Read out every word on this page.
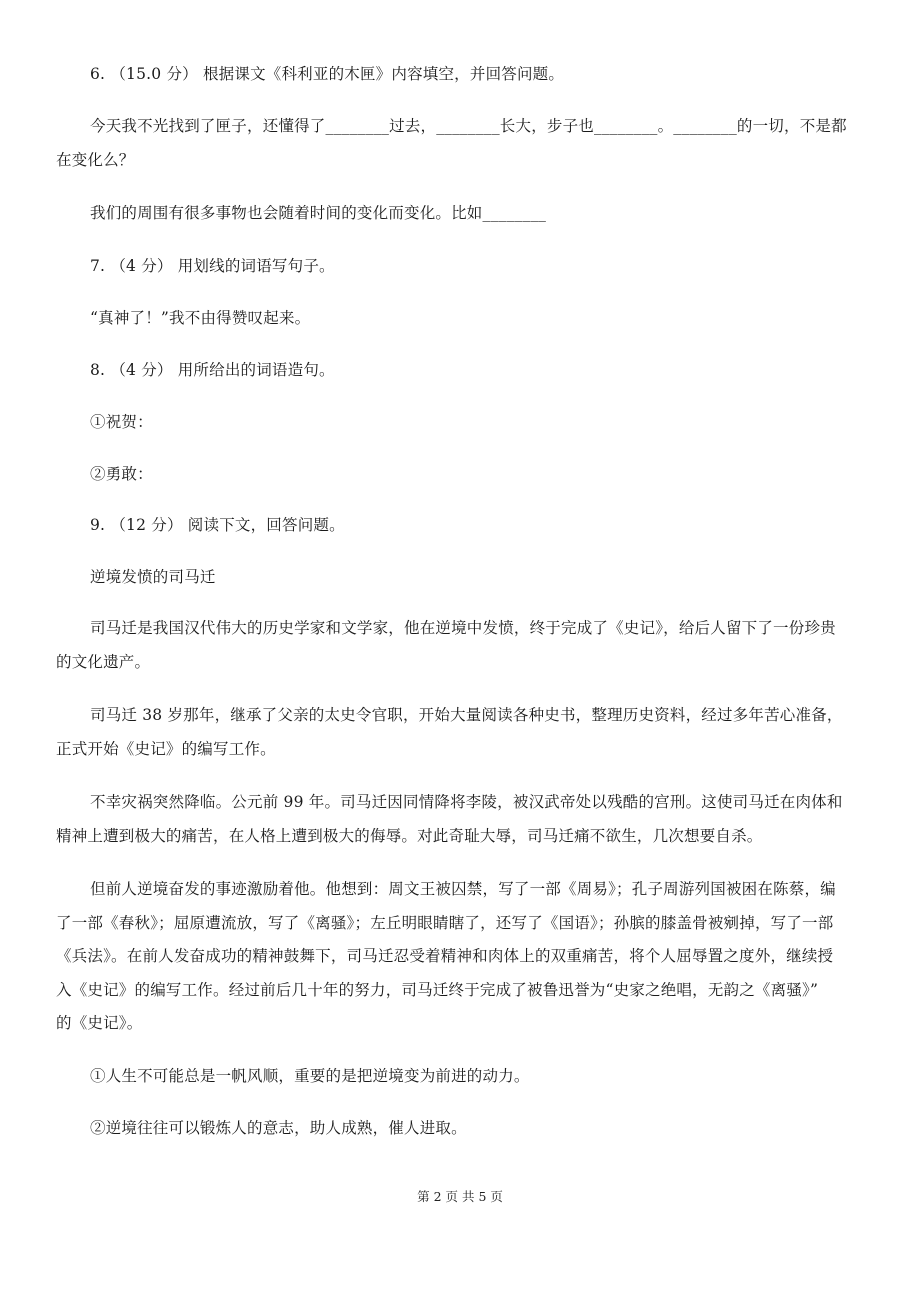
6. （15.0 分） 根据课文《科利亚的木匣》内容填空，并回答问题。
今天我不光找到了匣子，还懂得了________过去，________长大，步子也________。________的一切，不是都
在变化么？
我们的周围有很多事物也会随着时间的变化而变化。比如________
7. （4 分） 用划线的词语写句子。
“真神了！”我不由得赞叹起来。
8. （4 分） 用所给出的词语造句。
①祝贺：
②勇敢：
9. （12 分） 阅读下文，回答问题。
逆境发愤的司马迁
司马迁是我国汉代伟大的历史学家和文学家，他在逆境中发愤，终于完成了《史记》，给后人留下了一份珍贵
的文化遗产。
司马迁 38 岁那年，继承了父亲的太史令官职，开始大量阅读各种史书，整理历史资料，经过多年苦心准备，
正式开始《史记》的编写工作。
不幸灾祸突然降临。公元前 99 年。司马迁因同情降将李陵，被汉武帝处以残酷的宫刑。这使司马迁在肉体和
精神上遭到极大的痛苦，在人格上遭到极大的侮辱。对此奇耻大辱，司马迁痛不欲生，几次想要自杀。
但前人逆境奋发的事迹激励着他。他想到：周文王被囚禁，写了一部《周易》；孔子周游列国被困在陈蔡，编
了一部《春秋》；屈原遭流放，写了《离骚》；左丘明眼睛瞎了，还写了《国语》；孙膑的膝盖骨被剜掉，写了一部
《兵法》。在前人发奋成功的精神鼓舞下，司马迁忍受着精神和肉体上的双重痛苦，将个人屈辱置之度外，继续授
入《史记》的编写工作。经过前后几十年的努力，司马迁终于完成了被鲁迅誉为“史家之绝唱，无韵之《离骚》”
的《史记》。
①人生不可能总是一帆风顺，重要的是把逆境变为前进的动力。
②逆境往往可以锻炼人的意志，助人成熟，催人进取。
第 2 页 共 5 页
